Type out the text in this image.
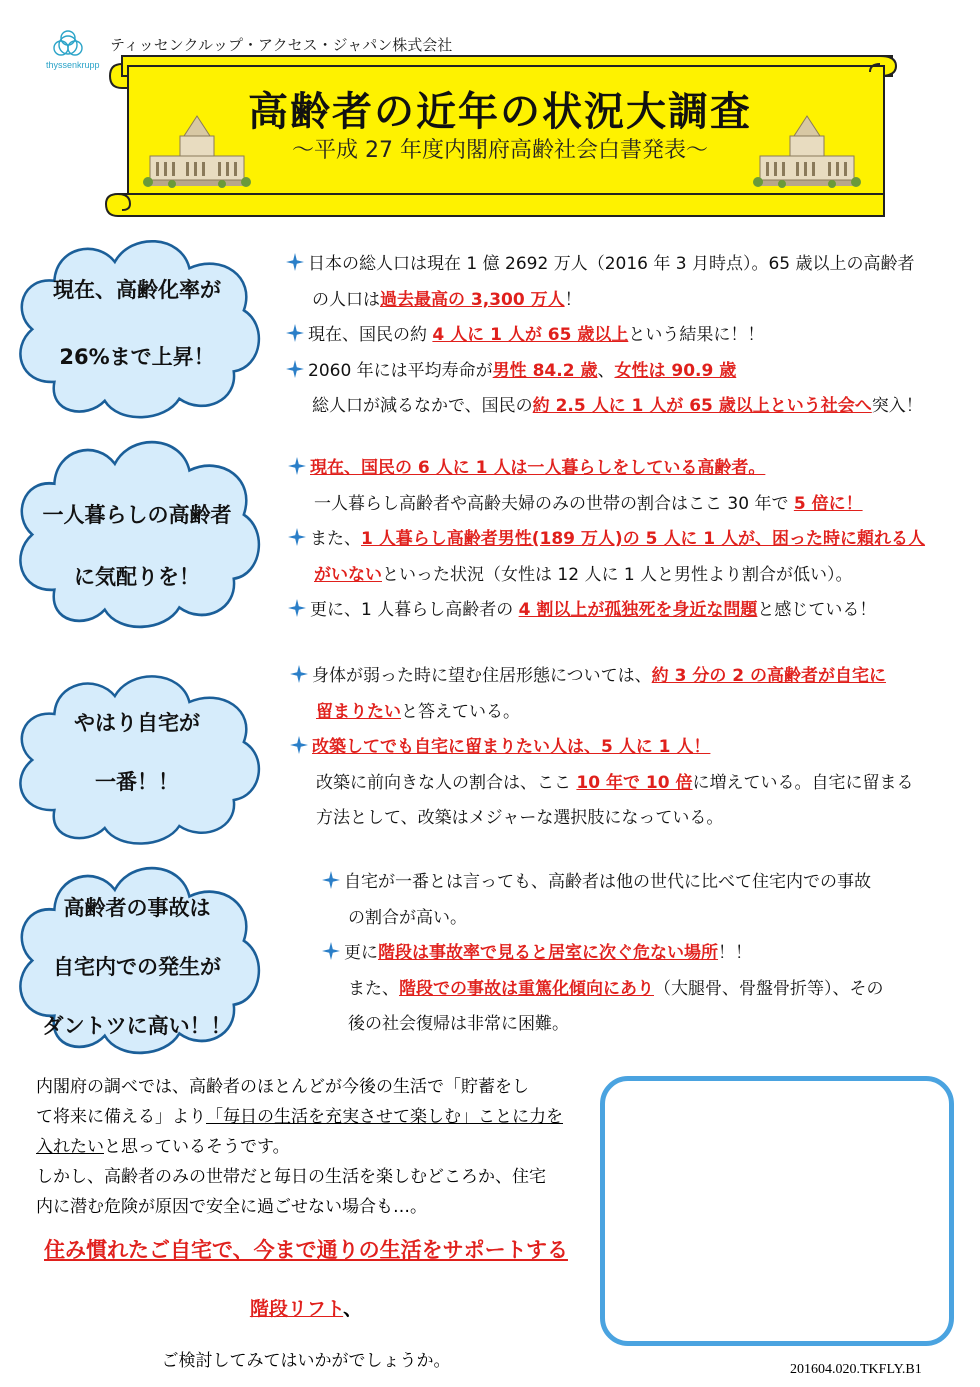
thyssenkrupp
ティッセンクルップ・アクセス・ジャパン株式会社
高齢者の近年の状況大調査
～平成 27 年度内閣府高齢社会白書発表～
現在、高齢化率が
26%まで上昇！
日本の総人口は現在 1 億 2692 万人（2016 年 3 月時点）。65 歳以上の高齢者
の人口は過去最高の 3,300 万人！
現在、国民の約 4 人に 1 人が 65 歳以上という結果に！！
2060 年には平均寿命が男性 84.2 歳、女性は 90.9 歳
総人口が減るなかで、国民の約 2.5 人に 1 人が 65 歳以上という社会へ突入！
一人暮らしの高齢者
に気配りを！
現在、国民の 6 人に 1 人は一人暮らしをしている高齢者。
一人暮らし高齢者や高齢夫婦のみの世帯の割合はここ 30 年で 5 倍に！
また、1 人暮らし高齢者男性(189 万人)の 5 人に 1 人が、困った時に頼れる人
がいないといった状況（女性は 12 人に 1 人と男性より割合が低い）。
更に、1 人暮らし高齢者の 4 割以上が孤独死を身近な問題と感じている！
やはり自宅が
一番！！
身体が弱った時に望む住居形態については、約 3 分の 2 の高齢者が自宅に
留まりたいと答えている。
改築してでも自宅に留まりたい人は、5 人に 1 人！
改築に前向きな人の割合は、ここ 10 年で 10 倍に増えている。自宅に留まる
方法として、改築はメジャーな選択肢になっている。
高齢者の事故は
自宅内での発生が
ダントツに高い！！
自宅が一番とは言っても、高齢者は他の世代に比べて住宅内での事故
の割合が高い。
更に階段は事故率で見ると居室に次ぐ危ない場所！！
また、階段での事故は重篤化傾向にあり（大腿骨、骨盤骨折等）、その
後の社会復帰は非常に困難。
内閣府の調べでは、高齢者のほとんどが今後の生活で「貯蓄をし
て将来に備える」より「毎日の生活を充実させて楽しむ」ことに力を
入れたいと思っているそうです。
しかし、高齢者のみの世帯だと毎日の生活を楽しむどころか、住宅
内に潜む危険が原因で安全に過ごせない場合も…。
住み慣れたご自宅で、今まで通りの生活をサポートする
階段リフト、
ご検討してみてはいかがでしょうか。	201604.020.TKFLY.B1
